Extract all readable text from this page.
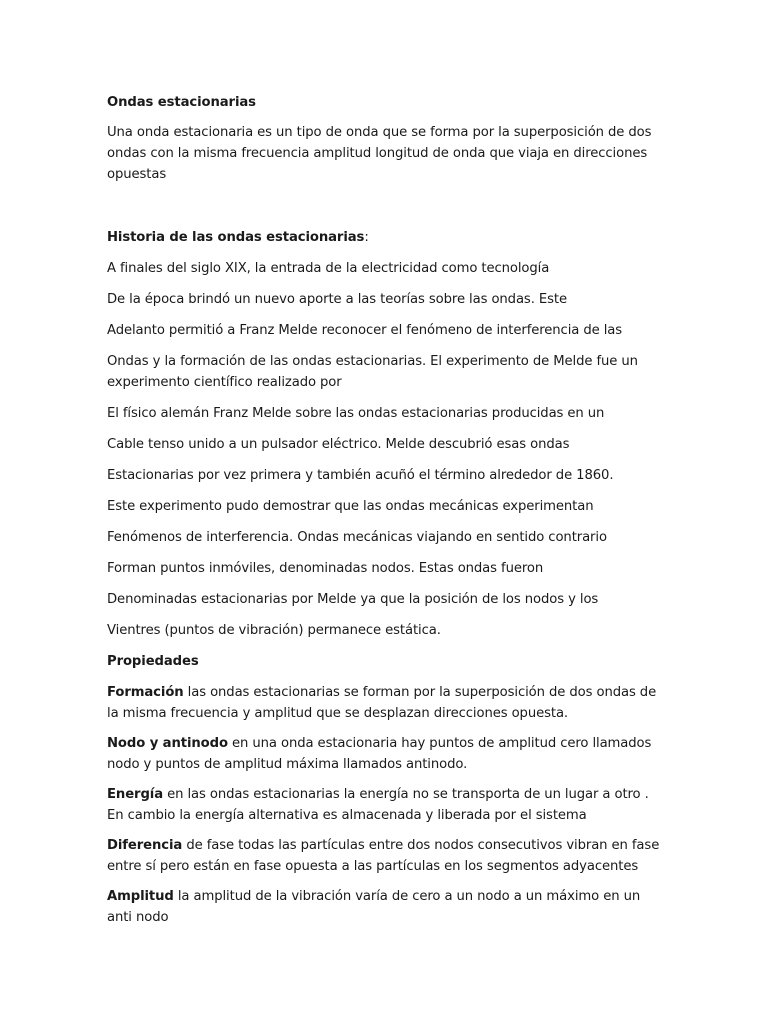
Ondas estacionarias

Una onda estacionaria es un tipo de onda que se forma por la superposición de dos ondas con la misma frecuencia amplitud longitud de onda que viaja en direcciones opuestas

Historia de las ondas estacionarias:

A finales del siglo XIX, la entrada de la electricidad como tecnología

De la época brindó un nuevo aporte a las teorías sobre las ondas. Este

Adelanto permitió a Franz Melde reconocer el fenómeno de interferencia de las

Ondas y la formación de las ondas estacionarias. El experimento de Melde fue un experimento científico realizado por

El físico alemán Franz Melde sobre las ondas estacionarias producidas en un

Cable tenso unido a un pulsador eléctrico. Melde descubrió esas ondas

Estacionarias por vez primera y también acuñó el término alrededor de 1860.

Este experimento pudo demostrar que las ondas mecánicas experimentan

Fenómenos de interferencia. Ondas mecánicas viajando en sentido contrario

Forman puntos inmóviles, denominadas nodos. Estas ondas fueron

Denominadas estacionarias por Melde ya que la posición de los nodos y los

Vientres (puntos de vibración) permanece estática.

Propiedades

Formación las ondas estacionarias se forman por la superposición de dos ondas de la misma frecuencia y amplitud que se desplazan direcciones opuesta.

Nodo y antinodo en una onda estacionaria hay puntos de amplitud cero llamados nodo y puntos de amplitud máxima llamados antinodo.

Energía en las ondas estacionarias la energía no se transporta de un lugar a otro . En cambio la energía alternativa es almacenada y liberada por el sistema

Diferencia de fase todas las partículas entre dos nodos consecutivos vibran en fase entre sí pero están en fase opuesta a las partículas en los segmentos adyacentes

Amplitud la amplitud de la vibración varía de cero a un nodo a un máximo en un anti nodo
